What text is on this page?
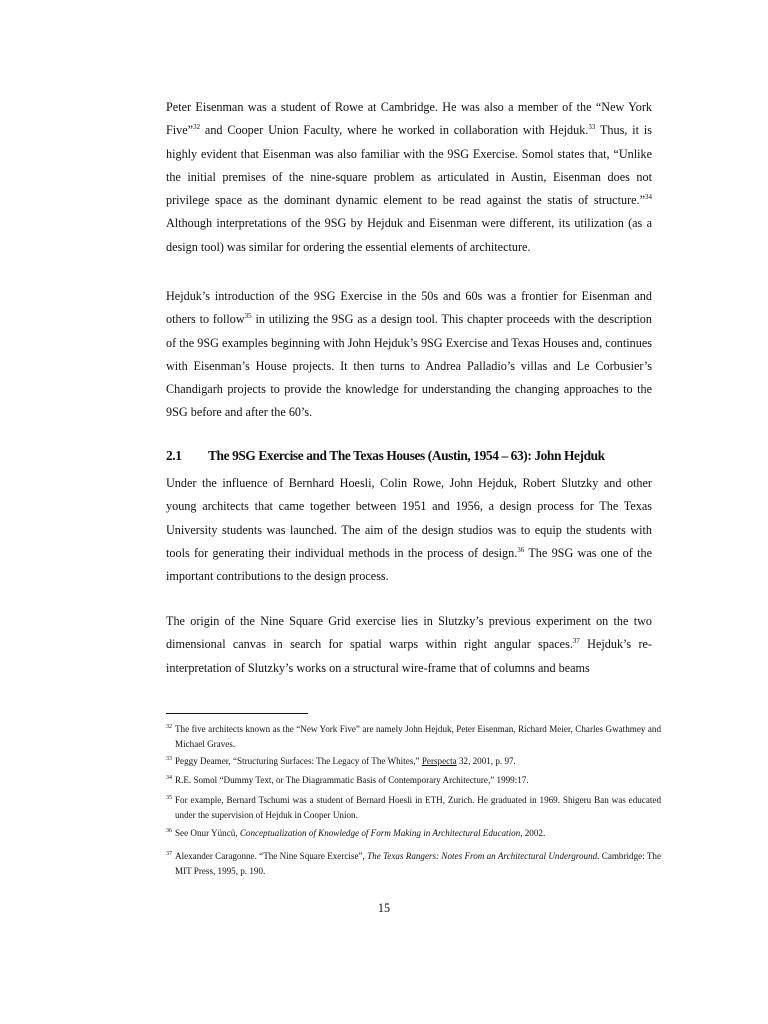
Peter Eisenman was a student of Rowe at Cambridge. He was also a member of the “New York Five”$^{32}$ and Cooper Union Faculty, where he worked in collaboration with Hejduk.$^{33}$ Thus, it is highly evident that Eisenman was also familiar with the 9SG Exercise. Somol states that, “Unlike the initial premises of the nine-square problem as articulated in Austin, Eisenman does not privilege space as the dominant dynamic element to be read against the statis of structure.”$^{34}$ Although interpretations of the 9SG by Hejduk and Eisenman were different, its utilization (as a design tool) was similar for ordering the essential elements of architecture.

Hejduk’s introduction of the 9SG Exercise in the 50s and 60s was a frontier for Eisenman and others to follow$^{35}$ in utilizing the 9SG as a design tool. This chapter proceeds with the description of the 9SG examples beginning with John Hejduk’s 9SG Exercise and Texas Houses and, continues with Eisenman’s House projects. It then turns to Andrea Palladio’s villas and Le Corbusier’s Chandigarh projects to provide the knowledge for understanding the changing approaches to the 9SG before and after the 60’s.

2.1 The 9SG Exercise and The Texas Houses (Austin, 1954 – 63): John Hejduk

Under the influence of Bernhard Hoesli, Colin Rowe, John Hejduk, Robert Slutzky and other young architects that came together between 1951 and 1956, a design process for The Texas University students was launched. The aim of the design studios was to equip the students with tools for generating their individual methods in the process of design.$^{36}$ The 9SG was one of the important contributions to the design process.

The origin of the Nine Square Grid exercise lies in Slutzky’s previous experiment on the two dimensional canvas in search for spatial warps within right angular spaces.$^{37}$ Hejduk’s re-interpretation of Slutzky’s works on a structural wire-frame that of columns and beams

$^{32}$ The five architects known as the “New York Five” are namely John Hejduk, Peter Eisenman, Richard Meier, Charles Gwathmey and Michael Graves.

$^{33}$ Peggy Deamer, “Structuring Surfaces: The Legacy of The Whites,” Perspecta 32, 2001, p. 97.

$^{34}$ R.E. Somol “Dummy Text, or The Diagrammatic Basis of Contemporary Architecture,” 1999:17.

$^{35}$ For example, Bernard Tschumi was a student of Bernard Hoesli in ETH, Zurich. He graduated in 1969. Shigeru Ban was educated under the supervision of Hejduk in Cooper Union.

$^{36}$ See Onur Yüncü, Conceptualization of Knowledge of Form Making in Architectural Education, 2002.

$^{37}$ Alexander Caragonne. “The Nine Square Exercise”, The Texas Rangers: Notes From an Architectural Underground. Cambridge: The MIT Press, 1995, p. 190.

15
